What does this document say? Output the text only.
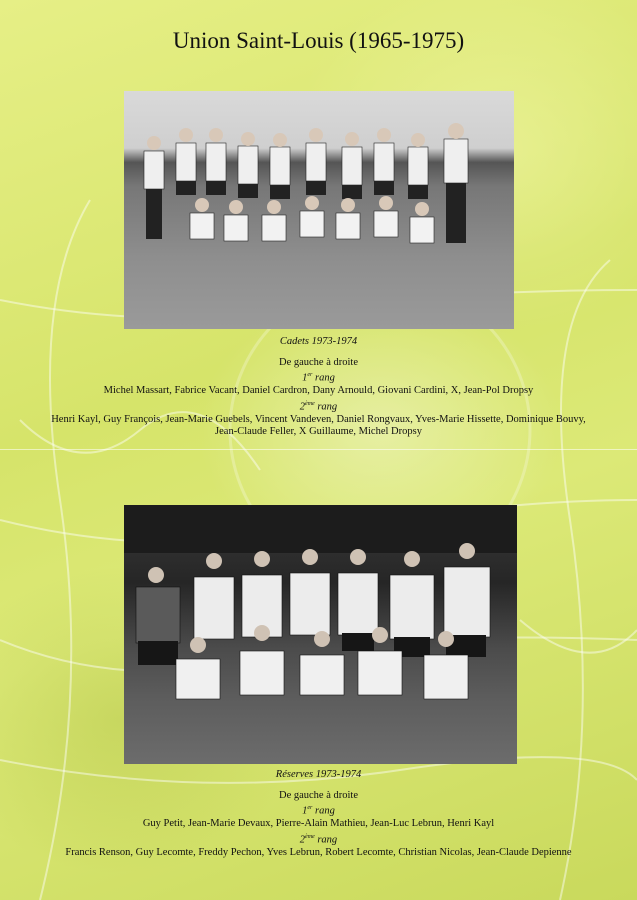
Union Saint-Louis (1965-1975)
Cadets 1973-1974
De gauche à droite
1er rang
Michel Massart, Fabrice Vacant, Daniel Cardron, Dany Arnould, Giovani Cardini, X, Jean-Pol Dropsy
2ème rang
Henri Kayl, Guy François, Jean-Marie Guebels, Vincent Vandeven, Daniel Rongvaux, Yves-Marie Hissette, Dominique Bouvy,
Jean-Claude Feller, X Guillaume, Michel Dropsy
Réserves 1973-1974
De gauche à droite
1er rang
Guy Petit, Jean-Marie Devaux, Pierre-Alain Mathieu, Jean-Luc Lebrun, Henri Kayl
2ème rang
Francis Renson, Guy Lecomte, Freddy Pechon, Yves Lebrun, Robert Lecomte, Christian Nicolas, Jean-Claude Depienne
